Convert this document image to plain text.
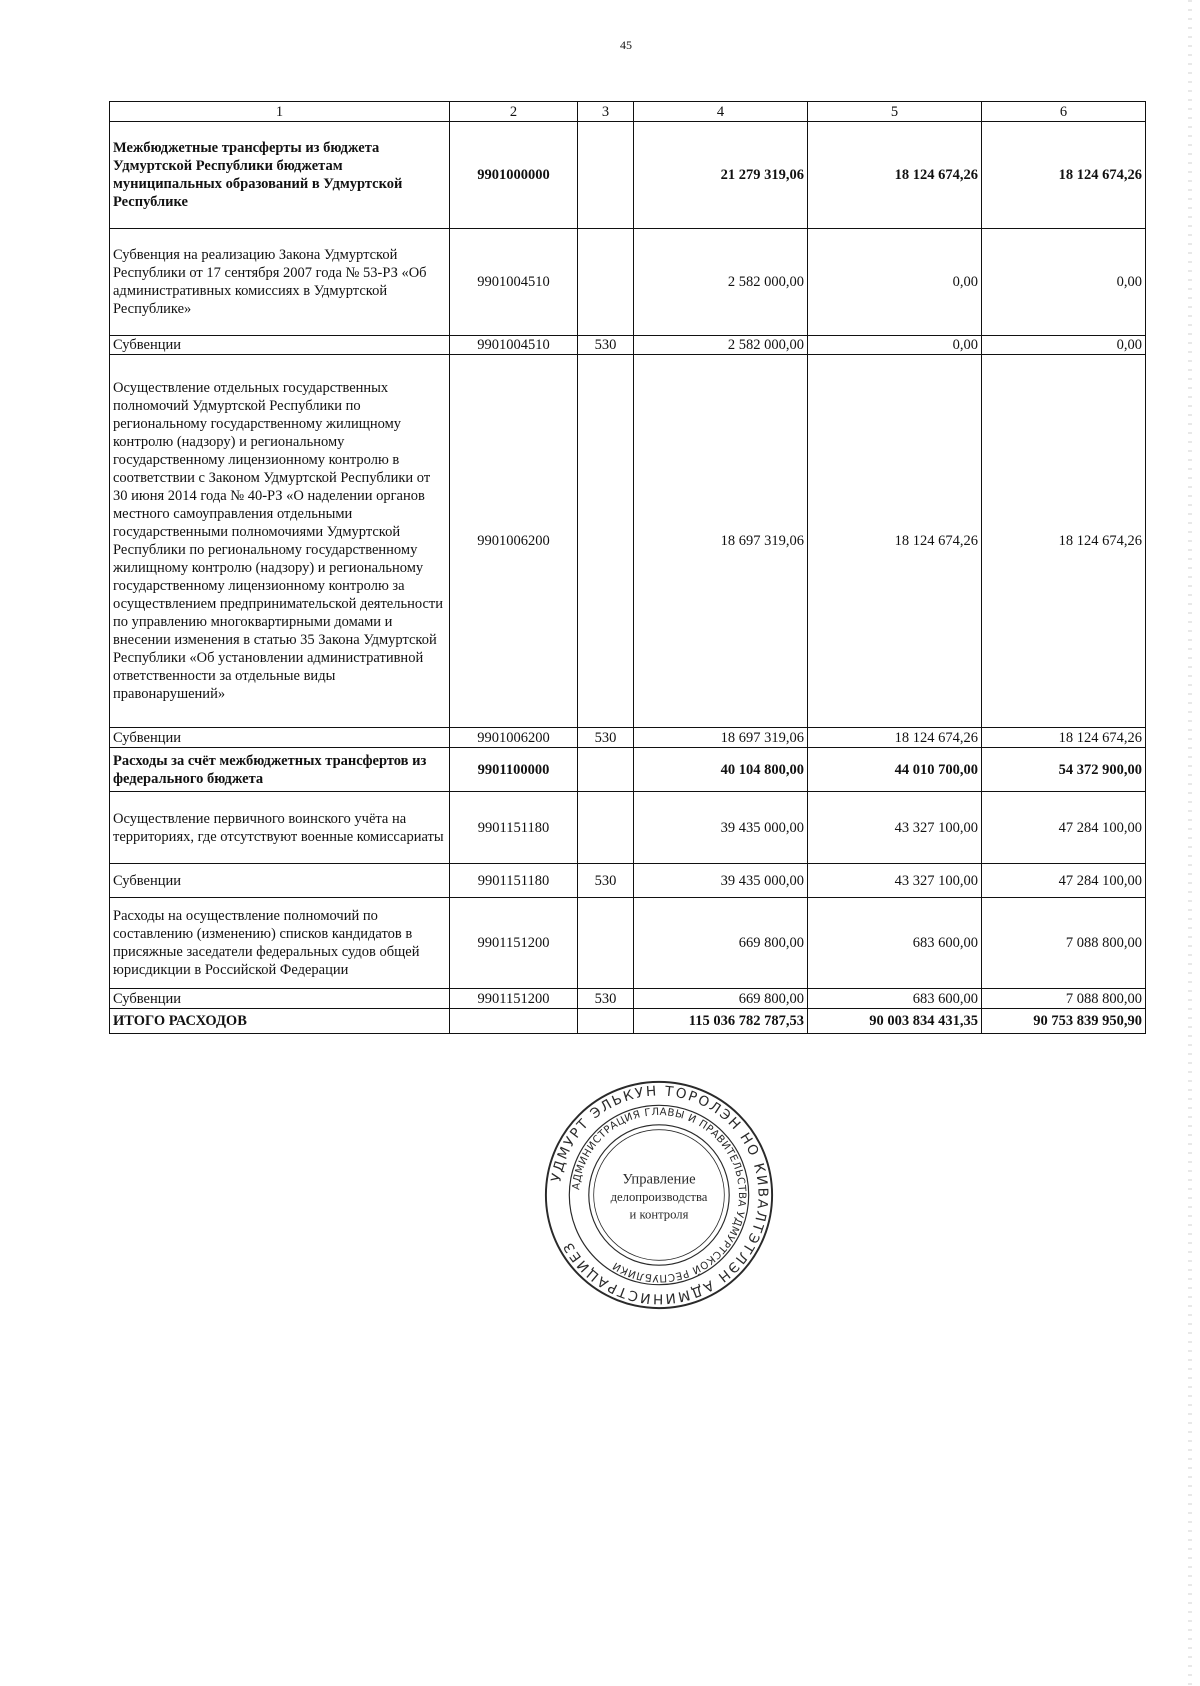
45
1	2	3	4	5	6
Межбюджетные трансферты из бюджета Удмуртской Республики бюджетам муниципальных образований в Удмуртской Республике	9901000000		21 279 319,06	18 124 674,26	18 124 674,26
Субвенция на реализацию Закона Удмуртской Республики от 17 сентября 2007 года № 53-РЗ «Об административных комиссиях в Удмуртской Республике»	9901004510		2 582 000,00	0,00	0,00
Субвенции	9901004510	530	2 582 000,00	0,00	0,00
Осуществление отдельных государственных полномочий Удмуртской Республики по региональному государственному жилищному контролю (надзору) и региональному государственному лицензионному контролю в соответствии с Законом Удмуртской Республики от 30 июня 2014 года № 40-РЗ «О наделении органов местного самоуправления отдельными государственными полномочиями Удмуртской Республики по региональному государственному жилищному контролю (надзору) и региональному государственному лицензионному контролю за осуществлением предпринимательской деятельности по управлению многоквартирными домами и внесении изменения в статью 35 Закона Удмуртской Республики «Об установлении административной ответственности за отдельные виды правонарушений»	9901006200		18 697 319,06	18 124 674,26	18 124 674,26
Субвенции	9901006200	530	18 697 319,06	18 124 674,26	18 124 674,26
Расходы за счёт межбюджетных трансфертов из федерального бюджета	9901100000		40 104 800,00	44 010 700,00	54 372 900,00
Осуществление первичного воинского учёта на территориях, где отсутствуют военные комиссариаты	9901151180		39 435 000,00	43 327 100,00	47 284 100,00
Субвенции	9901151180	530	39 435 000,00	43 327 100,00	47 284 100,00
Расходы на осуществление полномочий по составлению (изменению) списков кандидатов в присяжные заседатели федеральных судов общей юрисдикции в Российской Федерации	9901151200		669 800,00	683 600,00	7 088 800,00
Субвенции	9901151200	530	669 800,00	683 600,00	7 088 800,00
ИТОГО РАСХОДОВ			115 036 782 787,53	90 003 834 431,35	90 753 839 950,90
УДМУРТ ЭЛЬКУН ТОРОЛЭН НО КИВАЛТЭТЛЭН АДМИНИСТРАЦИЕЗ
АДМИНИСТРАЦИЯ ГЛАВЫ И ПРАВИТЕЛЬСТВА УДМУРТСКОЙ РЕСПУБЛИКИ
Управление
делопроизводства
и контроля
